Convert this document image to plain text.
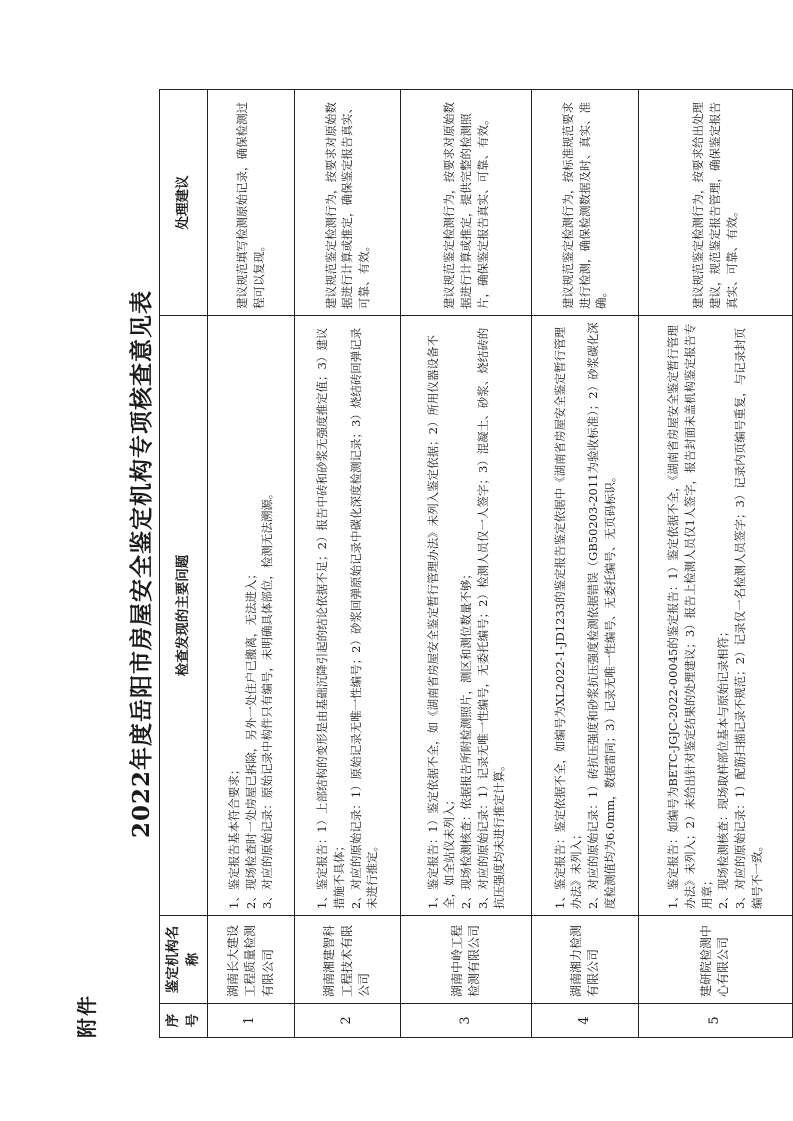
附件
2022年度岳阳市房屋安全鉴定机构专项核查意见表
序号	鉴定机构名称	检查发现的主要问题	处理建议
1	湖南长大建设工程质量检测有限公司	1、鉴定报告基本符合要求； 2、现场检查时一处房屋已拆除，另外一处住户已搬离，无法进入； 3、对应的原始记录：原始记录中构件只有编号，未明确具体部位，检测无法溯源。	建议规范填写检测原始记录，确保检测过程可以复现。
2	湖南湘建智科工程技术有限公司	1、鉴定报告：1）上部结构的变形是由基础沉降引起的结论依据不足；2）报告中砖和砂浆无强度推定值；3）建议措施不具体； 2、对应的原始记录：1）原始记录无唯一性编号；2）砂浆回弹原始记录中碳化深度检测记录；3）烧结砖回弹记录未进行推定。	建议规范鉴定检测行为，按要求对原始数据进行计算或推定，确保鉴定报告真实、可靠、有效。
3	湖南中岭工程检测有限公司	1、鉴定报告：1）鉴定依据不全，如《湖南省房屋安全鉴定暂行管理办法》未列入鉴定依据；2）所用仪器设备不全，如全站仪未列入； 2、现场检测核查：依据报告所附检测照片，测区和测位数量不够； 3、对应的原始记录：1）记录无唯一性编号，无委托编号；2）检测人员仅一人签字；3）混凝土、砂浆、烧结砖的抗压强度均未进行推定计算。	建议规范鉴定检测行为，按要求对原始数据进行计算或推定，提供完整的检测照片，确保鉴定报告真实、可靠、有效。
4	湖南湘力检测有限公司	1、鉴定报告：鉴定依据不全，如编号为XL2022-1-JD1233的鉴定报告鉴定依据中《湖南省房屋安全鉴定暂行管理办法》未列入； 2、对应的原始记录：1）砖抗压强度和砂浆抗压强度检测依据错误（GB50203-2011为验收标准）；2）砂浆碳化深度检测值均为6.0mm，数据雷同；3）记录无唯一性编号、无委托编号、无页码标识。	建议规范鉴定检测行为，按标准规范要求进行检测，确保检测数据及时、真实、准确。
5	建研院检测中心有限公司	1、鉴定报告：如编号为BETC-JGJC-2022-00045的鉴定报告：1）鉴定依据不全，《湖南省房屋安全鉴定暂行管理办法》未列入；2）未给出针对鉴定结果的处理建议；3）报告上检测人员仅1人签字，报告封面未盖机构鉴定报告专用章； 2、现场检测核查：现场取样部位基本与原始记录相符； 3、对应的原始记录：1）配筋扫描记录不规范；2）记录仅一名检测人员签字；3）记录内页编号重复，与记录封页编号不一致。	建议规范鉴定检测行为，按要求给出处理建议，规范鉴定报告管理，确保鉴定报告真实、可靠、有效。
